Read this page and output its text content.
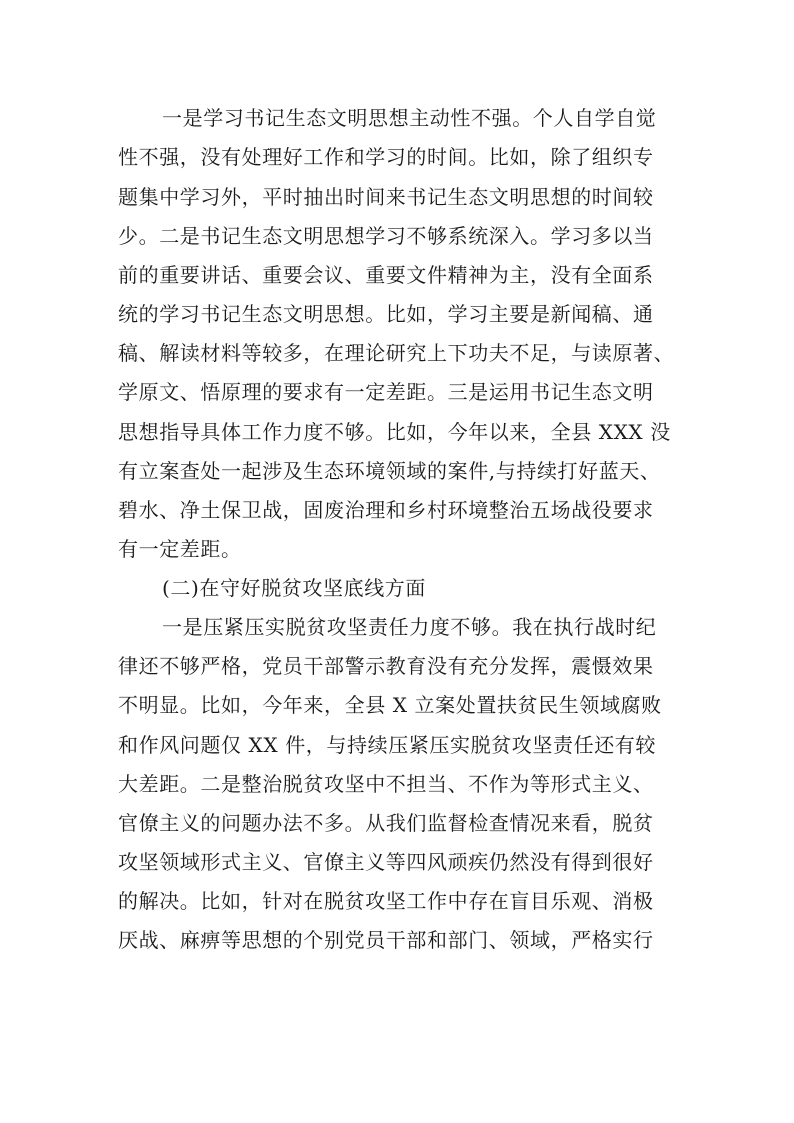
一是学习书记生态文明思想主动性不强。个人自学自觉
性不强，没有处理好工作和学习的时间。比如，除了组织专
题集中学习外，平时抽出时间来书记生态文明思想的时间较
少。二是书记生态文明思想学习不够系统深入。学习多以当
前的重要讲话、重要会议、重要文件精神为主，没有全面系
统的学习书记生态文明思想。比如，学习主要是新闻稿、通
稿、解读材料等较多，在理论研究上下功夫不足，与读原著、
学原文、悟原理的要求有一定差距。三是运用书记生态文明
思想指导具体工作力度不够。比如，今年以来，全县 XXX 没
有立案查处一起涉及生态环境领域的案件,与持续打好蓝天、
碧水、净土保卫战，固废治理和乡村环境整治五场战役要求
有一定差距。
(二)在守好脱贫攻坚底线方面
一是压紧压实脱贫攻坚责任力度不够。我在执行战时纪
律还不够严格，党员干部警示教育没有充分发挥，震慑效果
不明显。比如，今年来，全县 X 立案处置扶贫民生领域腐败
和作风问题仅 XX 件，与持续压紧压实脱贫攻坚责任还有较
大差距。二是整治脱贫攻坚中不担当、不作为等形式主义、
官僚主义的问题办法不多。从我们监督检查情况来看，脱贫
攻坚领域形式主义、官僚主义等四风顽疾仍然没有得到很好
的解决。比如，针对在脱贫攻坚工作中存在盲目乐观、消极
厌战、麻痹等思想的个别党员干部和部门、领域，严格实行
